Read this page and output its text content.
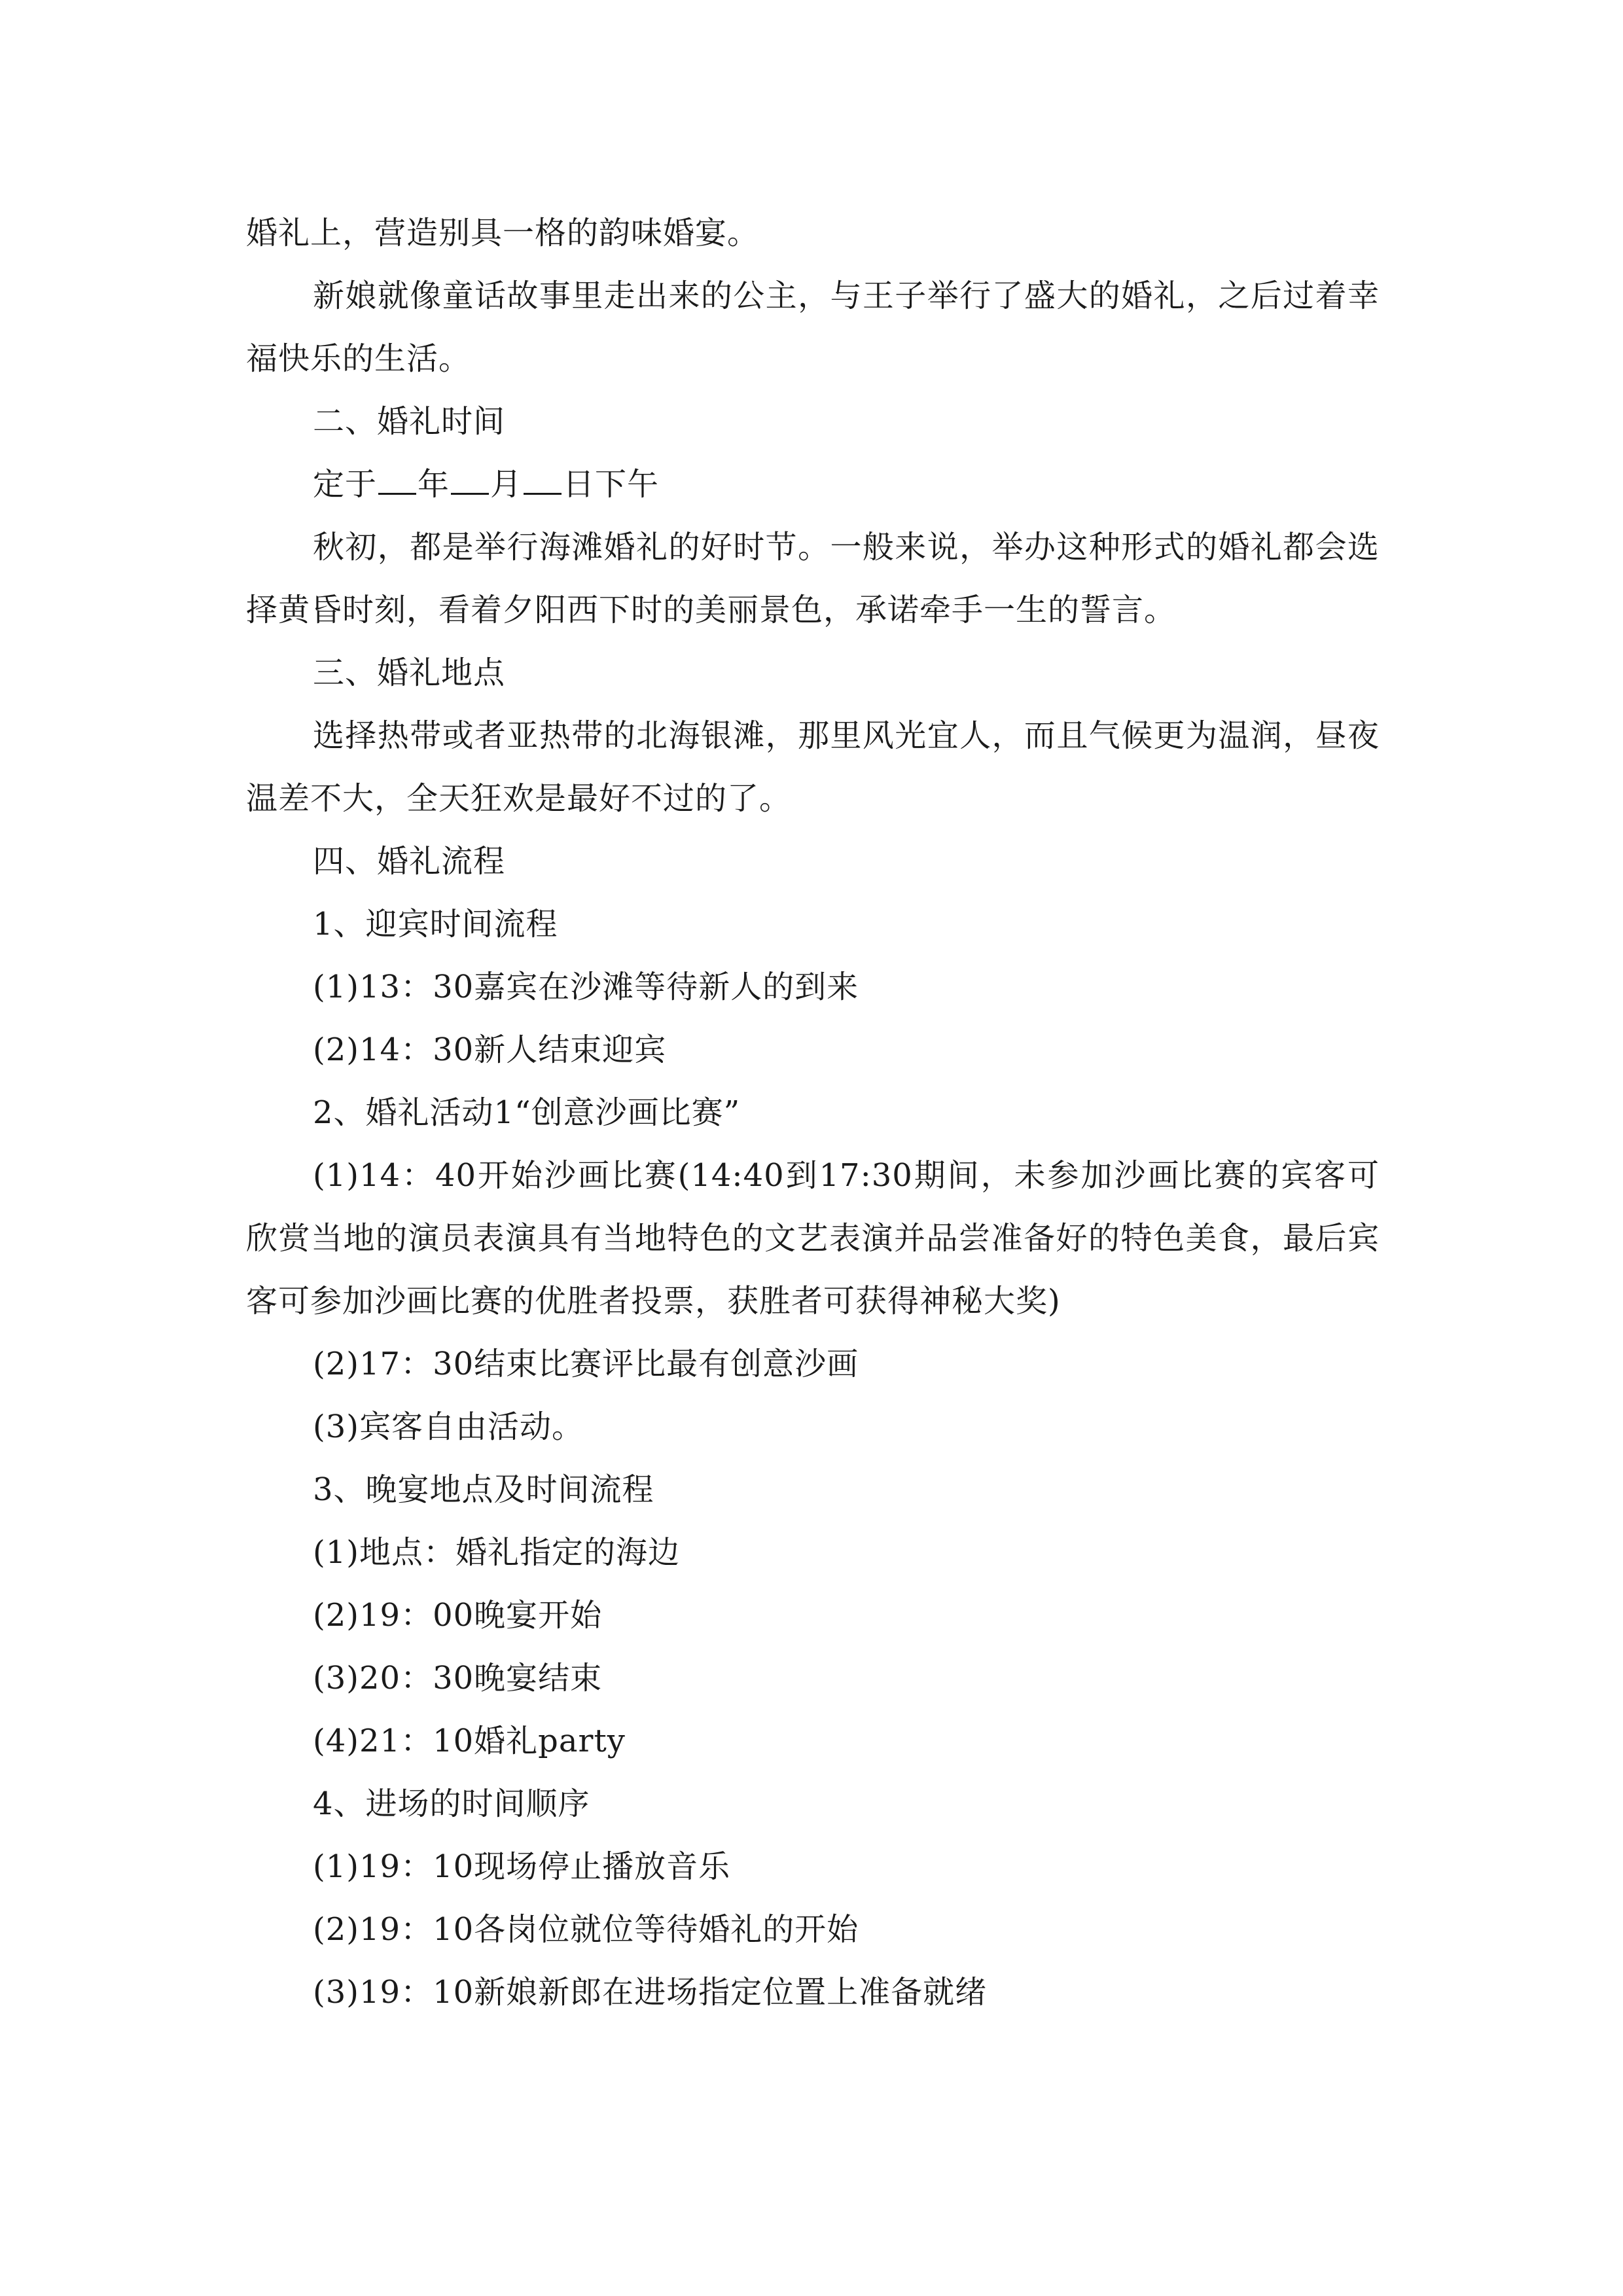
婚礼上，营造别具一格的韵味婚宴。

新娘就像童话故事里走出来的公主，与王子举行了盛大的婚礼，之后过着幸福快乐的生活。

二、婚礼时间

定于 年 月 日下午

秋初，都是举行海滩婚礼的好时节。一般来说，举办这种形式的婚礼都会选择黄昏时刻，看着夕阳西下时的美丽景色，承诺牵手一生的誓言。

三、婚礼地点

选择热带或者亚热带的北海银滩，那里风光宜人，而且气候更为温润，昼夜温差不大，全天狂欢是最好不过的了。

四、婚礼流程

1、迎宾时间流程

(1)13：30嘉宾在沙滩等待新人的到来

(2)14：30新人结束迎宾

2、婚礼活动1“创意沙画比赛”

(1)14：40开始沙画比赛(14:40到17:30期间，未参加沙画比赛的宾客可欣赏当地的演员表演具有当地特色的文艺表演并品尝准备好的特色美食，最后宾客可参加沙画比赛的优胜者投票，获胜者可获得神秘大奖)

(2)17：30结束比赛评比最有创意沙画

(3)宾客自由活动。

3、晚宴地点及时间流程

(1)地点：婚礼指定的海边

(2)19：00晚宴开始

(3)20：30晚宴结束

(4)21：10婚礼party

4、进场的时间顺序

(1)19：10现场停止播放音乐

(2)19：10各岗位就位等待婚礼的开始

(3)19：10新娘新郎在进场指定位置上准备就绪
